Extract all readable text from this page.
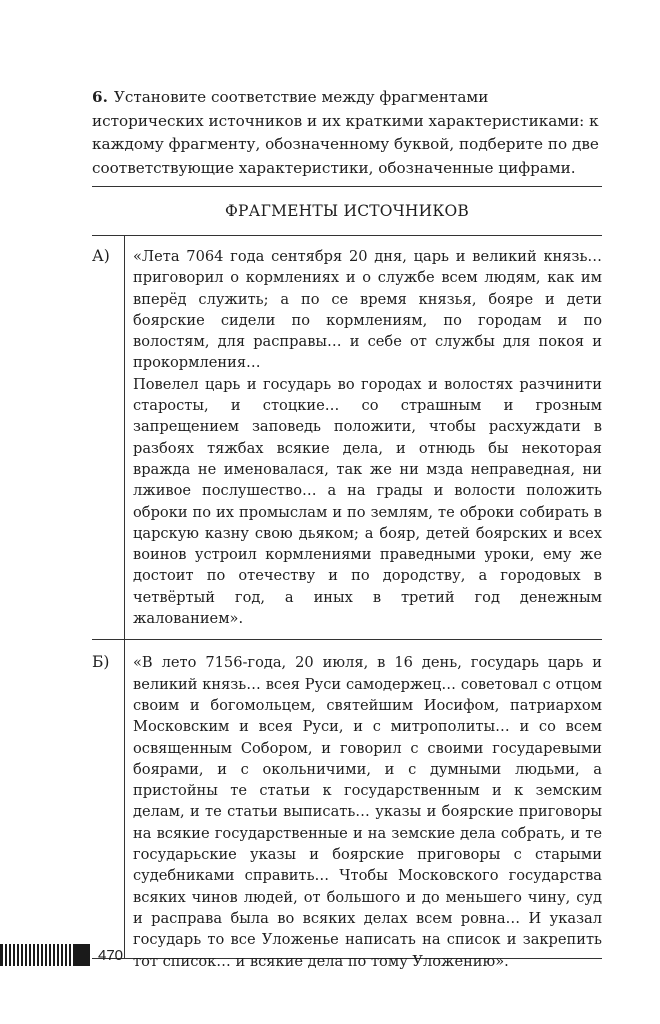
6. Установите соответствие между фрагментами исторических источников и их краткими характеристиками: к каждому фрагменту, обозначенному буквой, подберите по две соответствующие характеристики, обозначенные цифрами.

ФРАГМЕНТЫ ИСТОЧНИКОВ
А)	«Лета 7064 года сентября 20 дня, царь и великий князь… приговорил о кормлениях и о службе всем людям, как им вперёд служить; а по се время князья, бояре и дети боярские сидели по кормлениям, по городам и по волостям, для расправы… и себе от службы для покоя и прокормления…

Повелел царь и государь во городах и волостях разчинити старосты, и стоцкие… со страшным и грозным запрещением заповедь положити, чтобы расхуждати в разбоях тяжбах всякие дела, и отнюдь бы некоторая вражда не именовалася, так же ни мзда неправедная, ни лживое послушество… а на грады и волости положить оброки по их промыслам и по землям, те оброки собирать в царскую казну свою дьяком; а бояр, детей боярских и всех воинов устроил кормлениями праведными уроки, ему же достоит по отечеству и по дородству, а городовых в четвёртый год, а иных в третий год денежным жалованием».

Б)	«В лето 7156-года, 20 июля, в 16 день, государь царь и великий князь… всея Руси самодержец… советовал с отцом своим и богомольцем, святейшим Иосифом, патриархом Московским и всея Руси, и с митрополиты… и со всем освященным Собором, и говорил с своими государевыми боярами, и с окольничими, и с думными людьми, а пристойны те статьи к государственным и к земским делам, и те статьи выписать… указы и боярские приговоры на всякие государственные и на земские дела собрать, и те государьские указы и боярские приговоры с старыми судебниками справить… Чтобы Московского государства всяких чинов людей, от большого и до меньшего чину, суд и расправа была во всяких делах всем ровна… И указал государь то все Уложенье написать на список и закрепить тот список… и всякие дела по тому Уложению».

470
